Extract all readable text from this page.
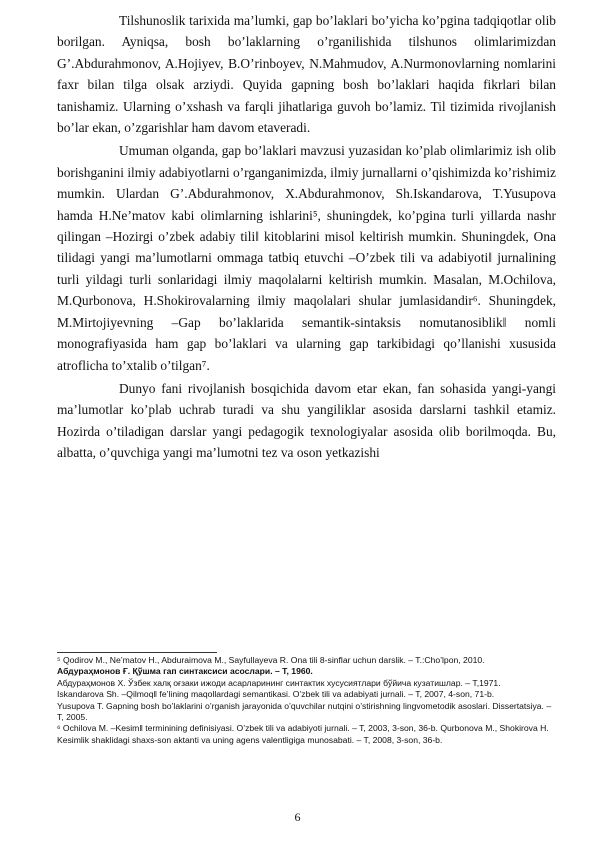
Tilshunoslik tarixida ma’lumki, gap bo’laklari bo’yicha ko’pgina tadqiqotlar olib borilgan. Ayniqsa, bosh bo’laklarning o’rganilishida tilshunos olimlarimizdan G’.Abdurahmonov, A.Hojiyev, B.O’rinboyev, N.Mahmudov, A.Nurmonovlarning nomlarini faxr bilan tilga olsak arziydi. Quyida gapning bosh bo’laklari haqida fikrlari bilan tanishamiz. Ularning o’xshash va farqli jihatlariga guvoh bo’lamiz. Til tizimida rivojlanish bo’lar ekan, o’zgarishlar ham davom etaveradi.

Umuman olganda, gap bo’laklari mavzusi yuzasidan ko’plab olimlarimiz ish olib borishganini ilmiy adabiyotlarni o’rganganimizda, ilmiy jurnallarni o’qishimizda ko’rishimiz mumkin. Ulardan G’.Abdurahmonov, X.Abdurahmonov, Sh.Iskandarova, T.Yusupova hamda H.Ne’matov kabi olimlarning ishlarini⁵, shuningdek, ko’pgina turli yillarda nashr qilingan –Hozirgi o’zbek adabiy tili‖ kitoblarini misol keltirish mumkin. Shuningdek, Ona tilidagi yangi ma’lumotlarni ommaga tatbiq etuvchi –O’zbek tili va adabiyoti‖ jurnalining turli yildagi turli sonlaridagi ilmiy maqolalarni keltirish mumkin. Masalan, M.Ochilova, M.Qurbonova, H.Shokirovalarning ilmiy maqolalari shular jumlasidandir⁶. Shuningdek, M.Mirtojiyevning –Gap bo’laklarida semantik-sintaksis nomutanosiblik‖ nomli monografiyasida ham gap bo’laklari va ularning gap tarkibidagi qo’llanishi xususida atroflicha to’xtalib o’tilgan⁷.

Dunyo fani rivojlanish bosqichida davom etar ekan, fan sohasida yangi-yangi ma’lumotlar ko’plab uchrab turadi va shu yangiliklar asosida darslarni tashkil etamiz. Hozirda o’tiladigan darslar yangi pedagogik texnologiyalar asosida olib borilmoqda. Bu, albatta, o’quvchiga yangi ma’lumotni tez va oson yetkazishi

⁵ Qodirov M., Ne’matov H., Abduraimova M., Sayfullayeva R. Ona tili 8-sinflar uchun darslik. – T.:Cho’lpon, 2010.

Абдураҳмонов Ғ. Қўшма гап синтаксиси асослари. – Т, 1960.

Абдураҳмонов Х. Ўзбек халқ оғзаки ижоди асарларининг синтактик хусусиятлари бўйича кузатишлар. – Т,1971.

Iskandarova Sh. –Qilmoq‖ fe’lining maqollardagi semantikasi. O’zbek tili va adabiyati jurnali. – T, 2007, 4-son, 71-b.

Yusupova T. Gapning bosh bo’laklarini o’rganish jarayonida o’quvchilar nutqini o’stirishning lingvometodik asoslari. Dissertatsiya. – T, 2005.

⁶ Ochilova M. –Kesim‖ terminining definisiyasi. O’zbek tili va adabiyoti jurnali. – T, 2003, 3-son, 36-b. Qurbonova M., Shokirova H. Kesimlik shaklidagi shaxs-son aktanti va uning agens valentligiga munosabati. – T, 2008, 3-son, 36-b.

6
